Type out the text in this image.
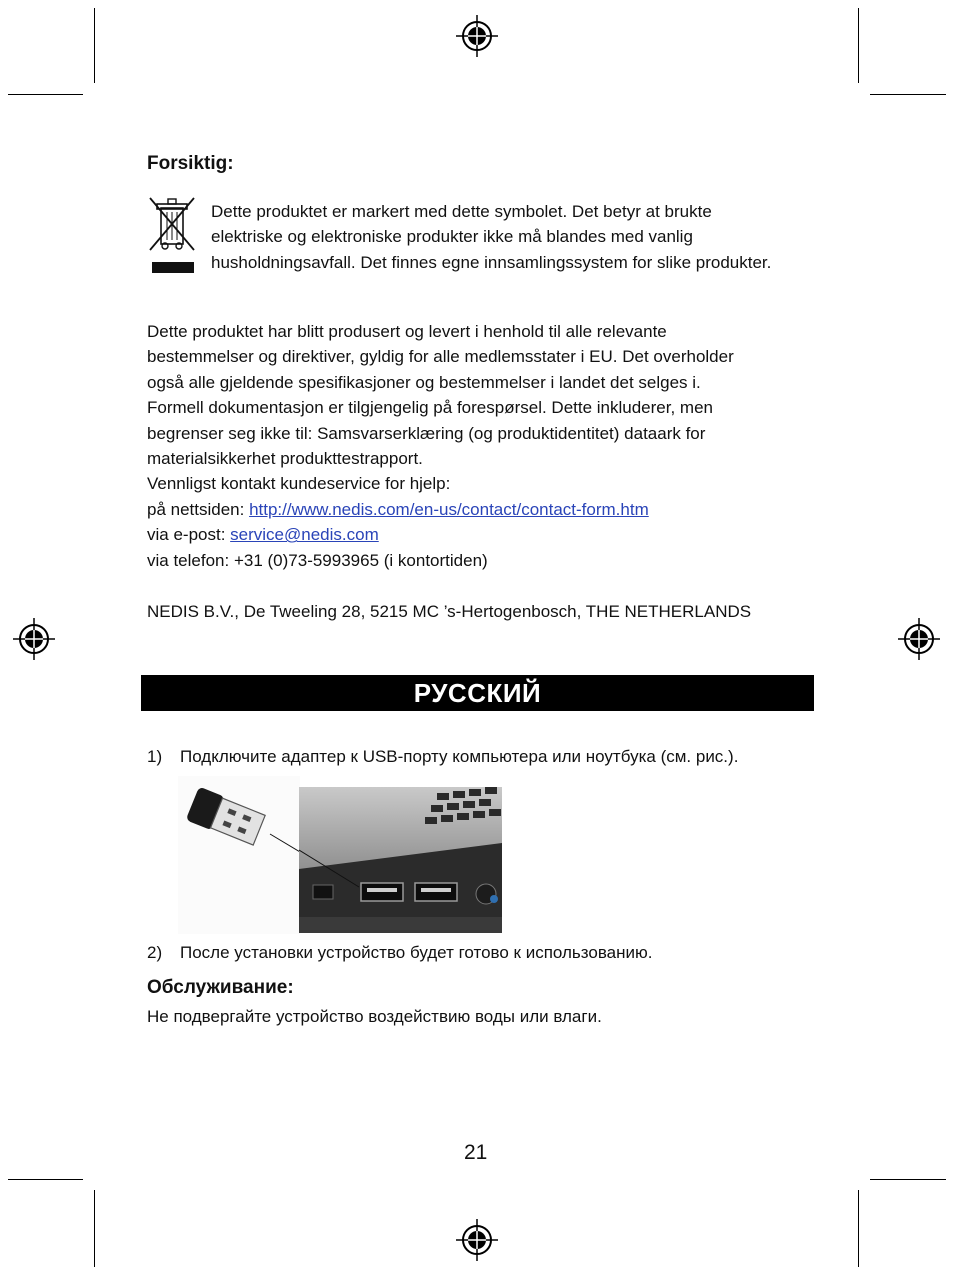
Forsiktig:
Dette produktet er markert med dette symbolet. Det betyr at brukte
elektriske og elektroniske produkter ikke må blandes med vanlig
husholdningsavfall. Det finnes egne innsamlingssystem for slike produkter.
Dette produktet har blitt produsert og levert i henhold til alle relevante
bestemmelser og direktiver, gyldig for alle medlemsstater i EU. Det overholder
også alle gjeldende spesifikasjoner og bestemmelser i landet det selges i.
Formell dokumentasjon er tilgjengelig på forespørsel. Dette inkluderer, men
begrenser seg ikke til: Samsvarserklæring (og produktidentitet) dataark for
materialsikkerhet produkttestrapport.
Vennligst kontakt kundeservice for hjelp:
på nettsiden: http://www.nedis.com/en-us/contact/contact-form.htm
via e-post: service@nedis.com
via telefon: +31 (0)73-5993965 (i kontortiden)
NEDIS B.V., De Tweeling 28, 5215 MC ’s-Hertogenbosch, THE NETHERLANDS
РУССКИЙ
1) Подключите адаптер к USB-порту компьютера или ноутбука (см. рис.).
2) После установки устройство будет готово к использованию.
Обслуживание:
Не подвергайте устройство воздействию воды или влаги.
21
